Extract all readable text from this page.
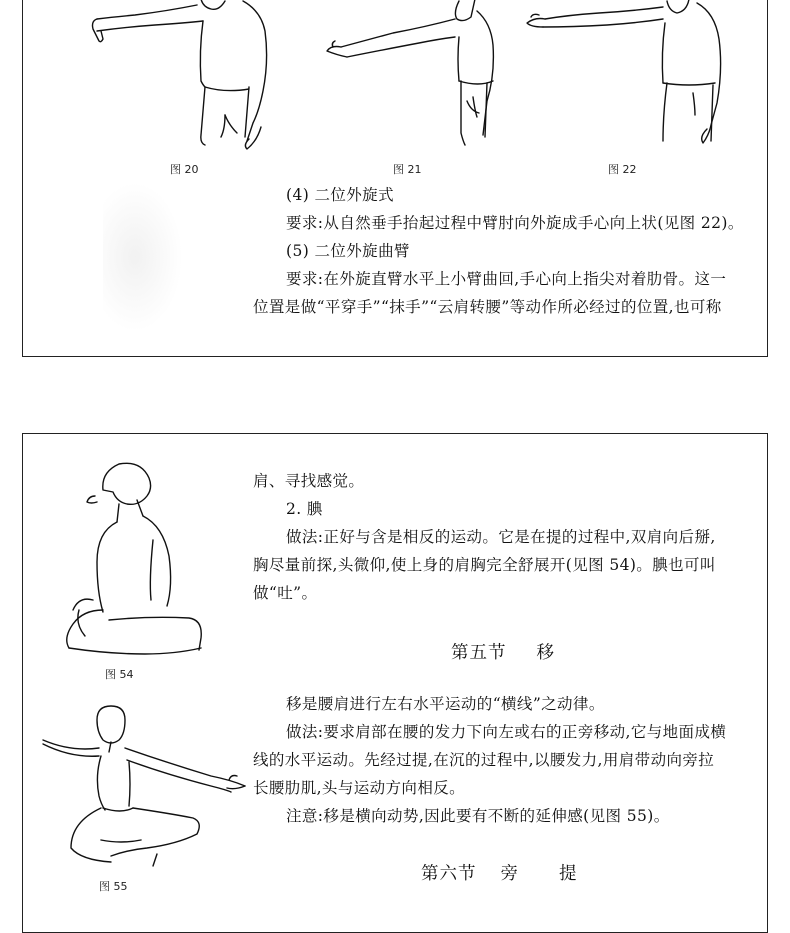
图 20	图 21	图 22
(4) 二位外旋式
要求:从自然垂手抬起过程中臂肘向外旋成手心向上状(见图 22)。
(5) 二位外旋曲臂
要求:在外旋直臂水平上小臂曲回,手心向上指尖对着肋骨。这一
位置是做“平穿手”“抹手”“云肩转腰”等动作所必经过的位置,也可称
图 54
图 55
肩、寻找感觉。
2. 腆
做法:正好与含是相反的运动。它是在提的过程中,双肩向后掰,
胸尽量前探,头微仰,使上身的肩胸完全舒展开(见图 54)。腆也可叫
做“吐”。
第五节 移
移是腰肩进行左右水平运动的“横线”之动律。
做法:要求肩部在腰的发力下向左或右的正旁移动,它与地面成横
线的水平运动。先经过提,在沉的过程中,以腰发力,用肩带动向旁拉
长腰肋肌,头与运动方向相反。
注意:移是横向动势,因此要有不断的延伸感(见图 55)。
第六节 旁 提
